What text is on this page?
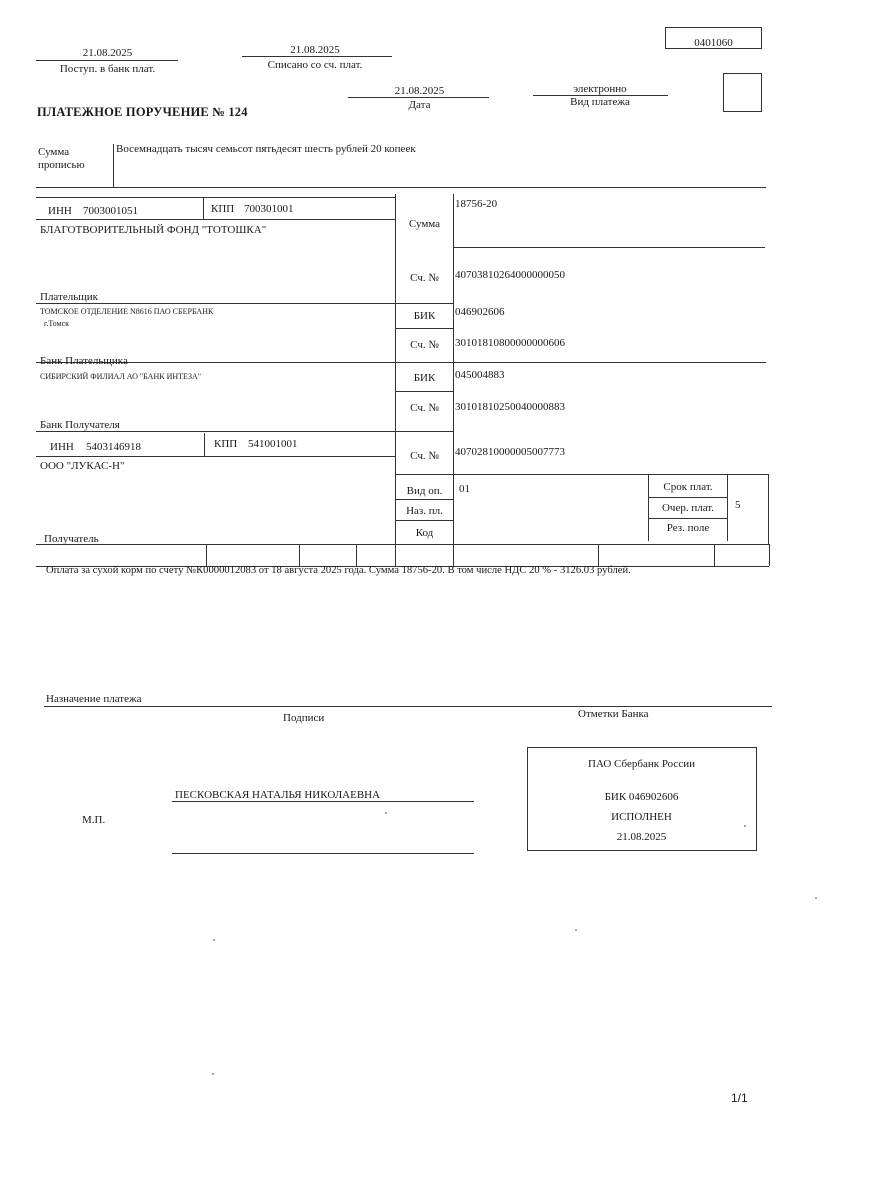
$_{0401060}$
21.08.2025
Поступ. в банк плат.
21.08.2025
Списано со сч. плат.
21.08.2025
Дата
электронно
Вид платежа
ПЛАТЕЖНОЕ ПОРУЧЕНИЕ № 124
Сумма
прописью
Восемнадцать тысяч семьсот пятьдесят шесть рублей 20 копеек
ИНН 7003001051	КПП 700301001
БЛАГОТВОРИТЕЛЬНЫЙ ФОНД "ТОТОШКА"
Плательщик
Сумма
18756-20
Сч. №	40703810264000000050
ТОМСКОЕ ОТДЕЛЕНИЕ N8616 ПАО СБЕРБАНК
г.Томск
Банк Плательщика
БИК	046902606
Сч. №	30101810800000000606
СИБИРСКИЙ ФИЛИАЛ АО "БАНК ИНТЕЗА"
Банк Получателя
БИК	045004883
Сч. №	30101810250040000883
ИНН 5403146918	КПП 541001001
ООО "ЛУКАС-Н"
Получатель
Сч. №	40702810000005007773
Вид оп.	01
Наз. пл.
Код
Срок плат.
Очер. плат.	5
Рез. поле
Оплата за сухой корм по счету №К0000012083 от 18 августа 2025 года. Сумма 18756-20. В том числе НДС 20 % - 3126.03 рублей.
Назначение платежа
Подписи	Отметки Банка
ПЕСКОВСКАЯ НАТАЛЬЯ НИКОЛАЕВНА
М.П.
ПАО Сбербанк России
БИК 046902606
ИСПОЛНЕН
21.08.2025
1/1
